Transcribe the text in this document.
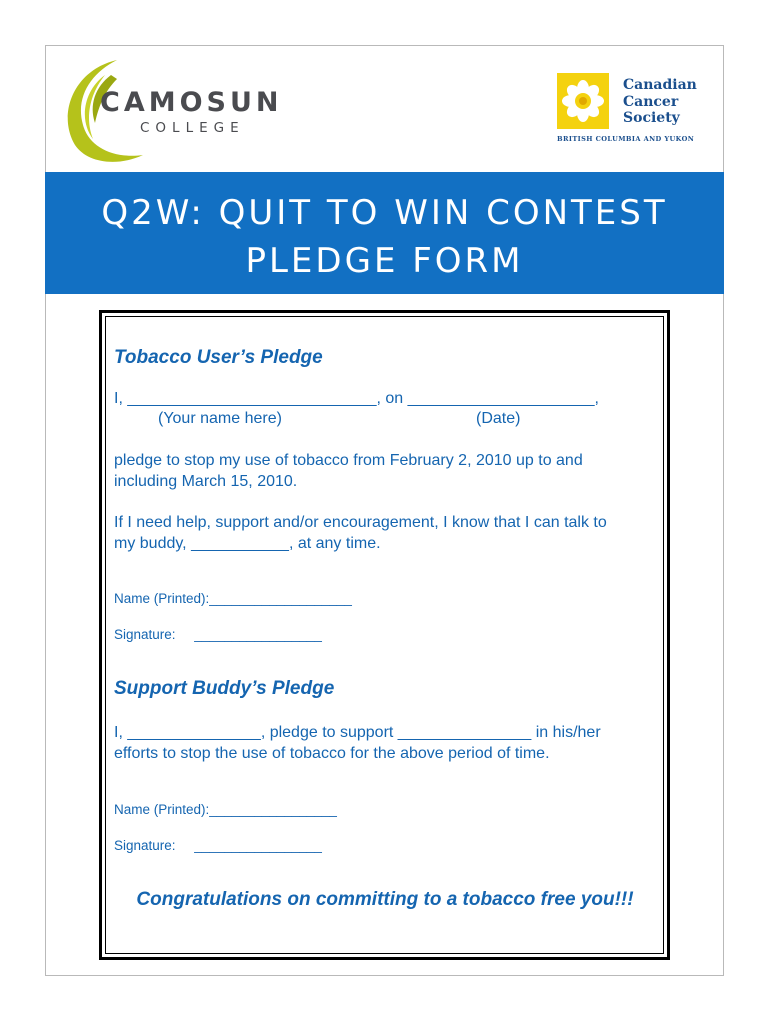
CAMOSUN
COLLEGE
Canadian
Cancer
Society
BRITISH COLUMBIA AND YUKON
Q2W: QUIT TO WIN CONTEST
PLEDGE FORM
Tobacco User’s Pledge
I, ____________________________, on _____________________,
(Your name here)	(Date)
pledge to stop my use of tobacco from February 2, 2010 up to and
including March 15, 2010.
If I need help, support and/or encouragement, I know that I can talk to
my buddy, ___________, at any time.
Name (Printed):___________________
Signature:     _________________
Support Buddy’s Pledge
I, _______________, pledge to support _______________ in his/her
efforts to stop the use of tobacco for the above period of time.
Name (Printed):_________________
Signature:     _________________
Congratulations on committing to a tobacco free you!!!
